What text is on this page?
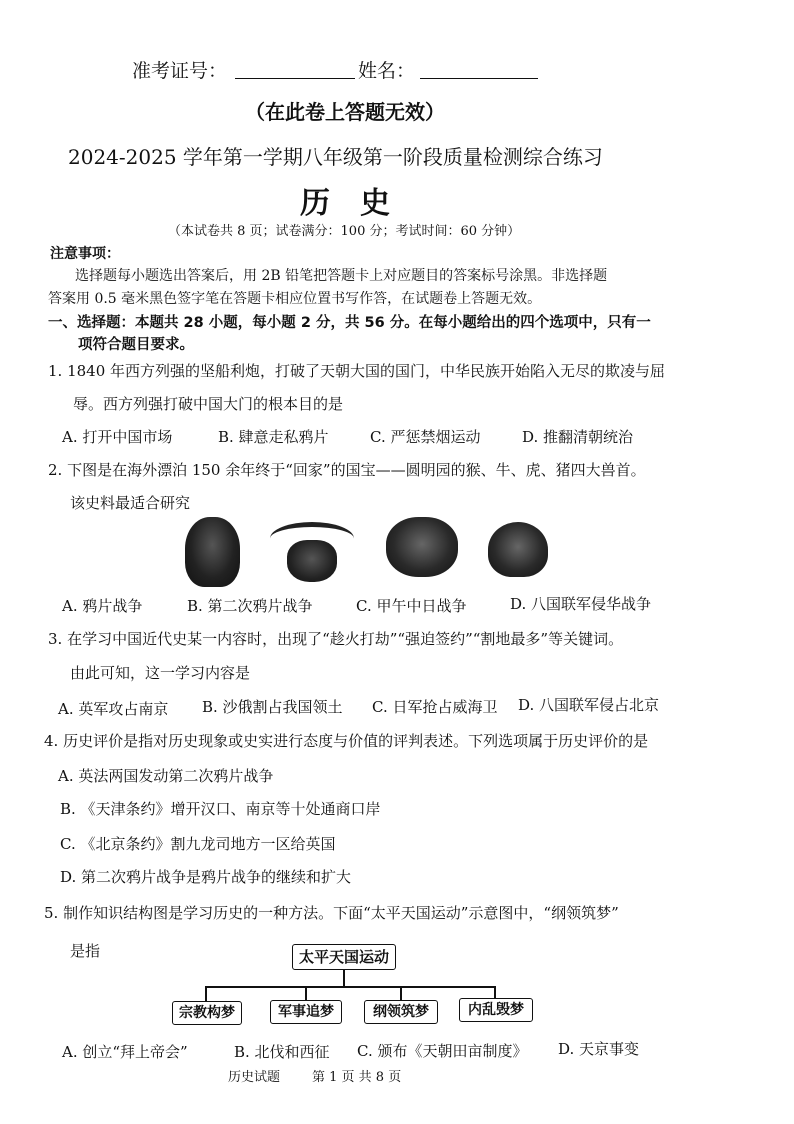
准考证号：	姓名：
（在此卷上答题无效）
2024-2025 学年第一学期八年级第一阶段质量检测综合练习
历　史
（本试卷共 8 页；试卷满分：100 分；考试时间：60 分钟）
注意事项：
选择题每小题选出答案后，用 2B 铅笔把答题卡上对应题目的答案标号涂黑。非选择题
答案用 0.5 毫米黑色签字笔在答题卡相应位置书写作答，在试题卷上答题无效。
一、选择题：本题共 28 小题，每小题 2 分，共 56 分。在每小题给出的四个选项中，只有一
项符合题目要求。
1. 1840 年西方列强的坚船利炮，打破了天朝大国的国门，中华民族开始陷入无尽的欺凌与屈
辱。西方列强打破中国大门的根本目的是
A. 打开中国市场	B. 肆意走私鸦片	C. 严惩禁烟运动	D. 推翻清朝统治
2. 下图是在海外漂泊 150 余年终于“回家”的国宝——圆明园的猴、牛、虎、猪四大兽首。
该史料最适合研究
A. 鸦片战争	B. 第二次鸦片战争	C. 甲午中日战争	D. 八国联军侵华战争
3. 在学习中国近代史某一内容时，出现了“趁火打劫”“强迫签约”“割地最多”等关键词。
由此可知，这一学习内容是
A. 英军攻占南京 B. 沙俄割占我国领土 C. 日军抢占威海卫 D. 八国联军侵占北京
4. 历史评价是指对历史现象或史实进行态度与价值的评判表述。下列选项属于历史评价的是
A. 英法两国发动第二次鸦片战争
B. 《天津条约》增开汉口、南京等十处通商口岸
C. 《北京条约》割九龙司地方一区给英国
D. 第二次鸦片战争是鸦片战争的继续和扩大
5. 制作知识结构图是学习历史的一种方法。下面“太平天国运动”示意图中，“纲领筑梦”
是指	太平天国运动
宗教构梦	军事追梦	纲领筑梦	内乱毁梦
A. 创立“拜上帝会”	B. 北伐和西征 C. 颁布《天朝田亩制度》 D. 天京事变
历史试题 第 1 页 共 8 页
